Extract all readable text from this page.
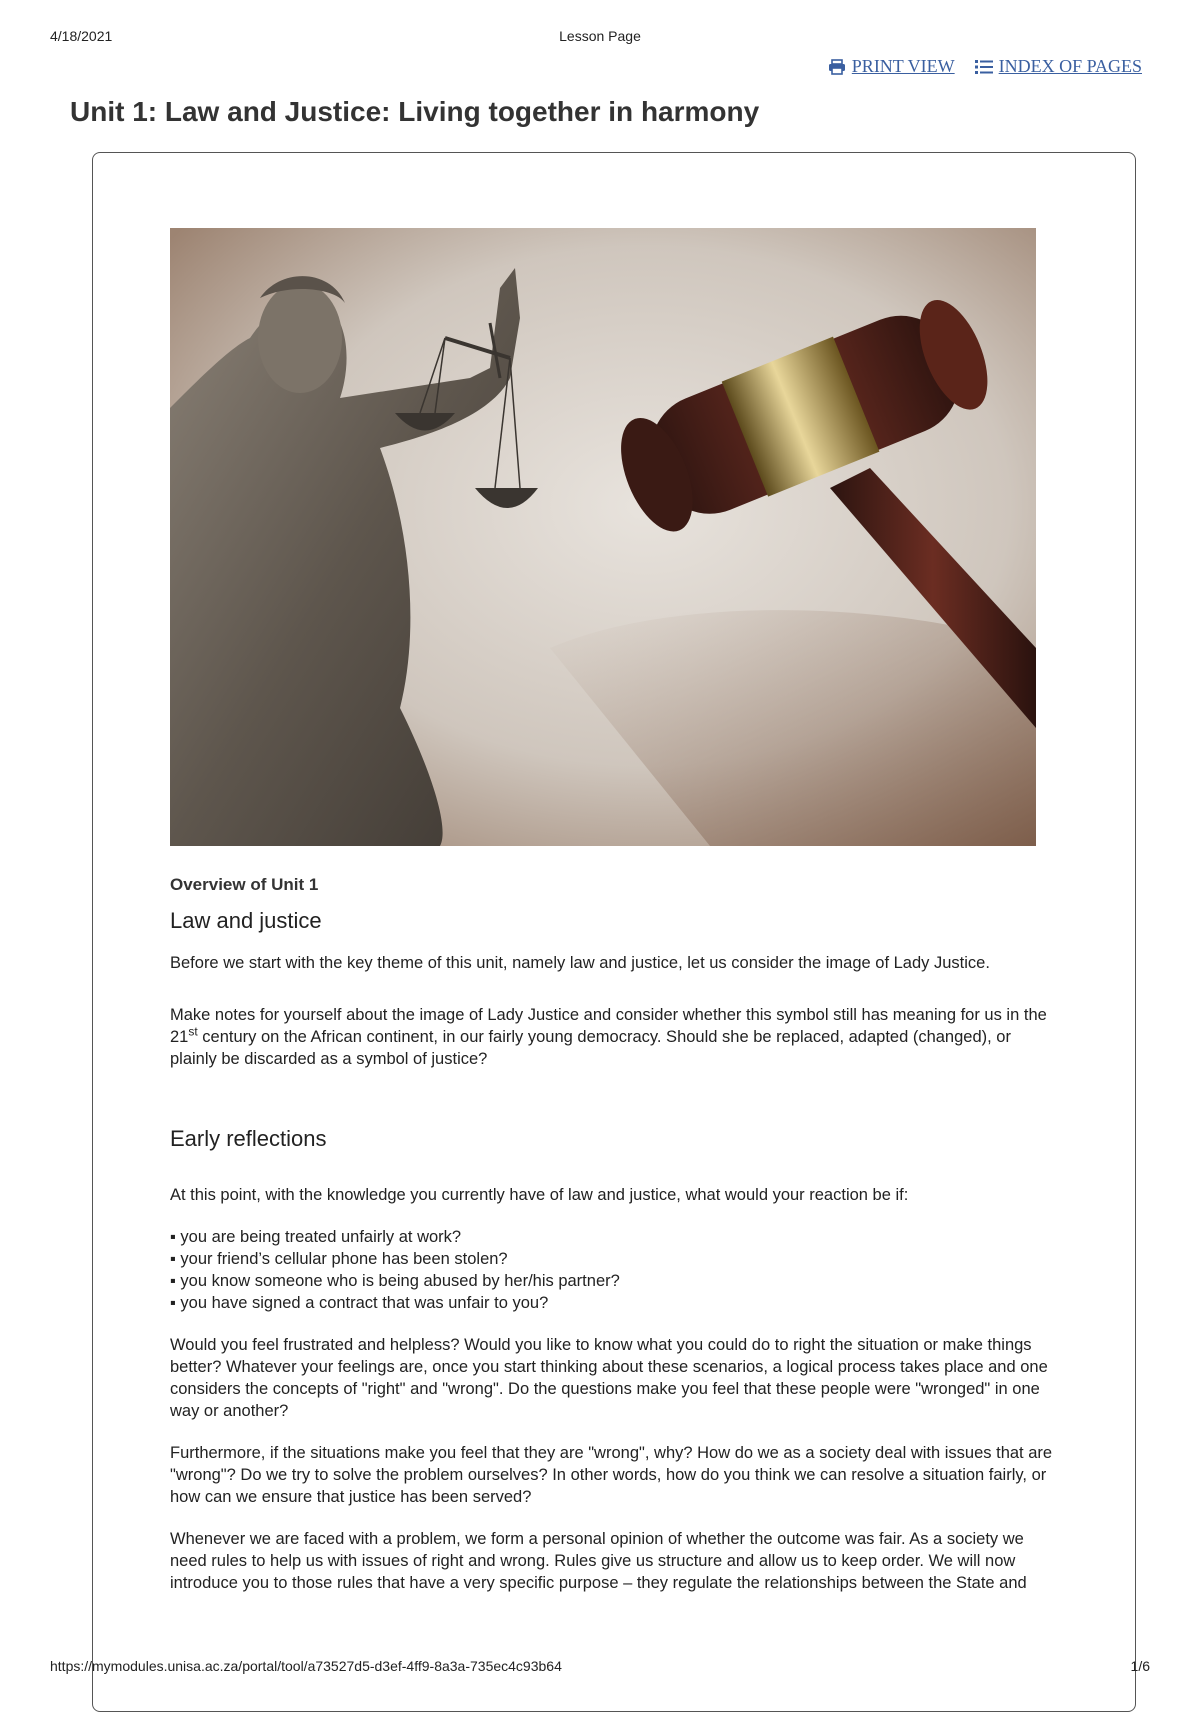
4/18/2021	Lesson Page
PRINT VIEW INDEX OF PAGES
Unit 1: Law and Justice: Living together in harmony

Overview of Unit 1

Law and justice

Before we start with the key theme of this unit, namely law and justice, let us consider the image of Lady Justice.

Make notes for yourself about the image of Lady Justice and consider whether this symbol still has meaning for us in the 21st century on the African continent, in our fairly young democracy. Should she be replaced, adapted (changed), or plainly be discarded as a symbol of justice?

Early reflections

At this point, with the knowledge you currently have of law and justice, what would your reaction be if:

▪ you are being treated unfairly at work?
▪ your friend’s cellular phone has been stolen?
▪ you know someone who is being abused by her/his partner?
▪ you have signed a contract that was unfair to you?

Would you feel frustrated and helpless? Would you like to know what you could do to right the situation or make things better? Whatever your feelings are, once you start thinking about these scenarios, a logical process takes place and one considers the concepts of "right" and "wrong". Do the questions make you feel that these people were "wronged" in one way or another?

Furthermore, if the situations make you feel that they are "wrong", why? How do we as a society deal with issues that are "wrong"? Do we try to solve the problem ourselves? In other words, how do you think we can resolve a situation fairly, or how can we ensure that justice has been served?

Whenever we are faced with a problem, we form a personal opinion of whether the outcome was fair. As a society we need rules to help us with issues of right and wrong. Rules give us structure and allow us to keep order. We will now introduce you to those rules that have a very specific purpose – they regulate the relationships between the State and

https://mymodules.unisa.ac.za/portal/tool/a73527d5-d3ef-4ff9-8a3a-735ec4c93b64	1/6
